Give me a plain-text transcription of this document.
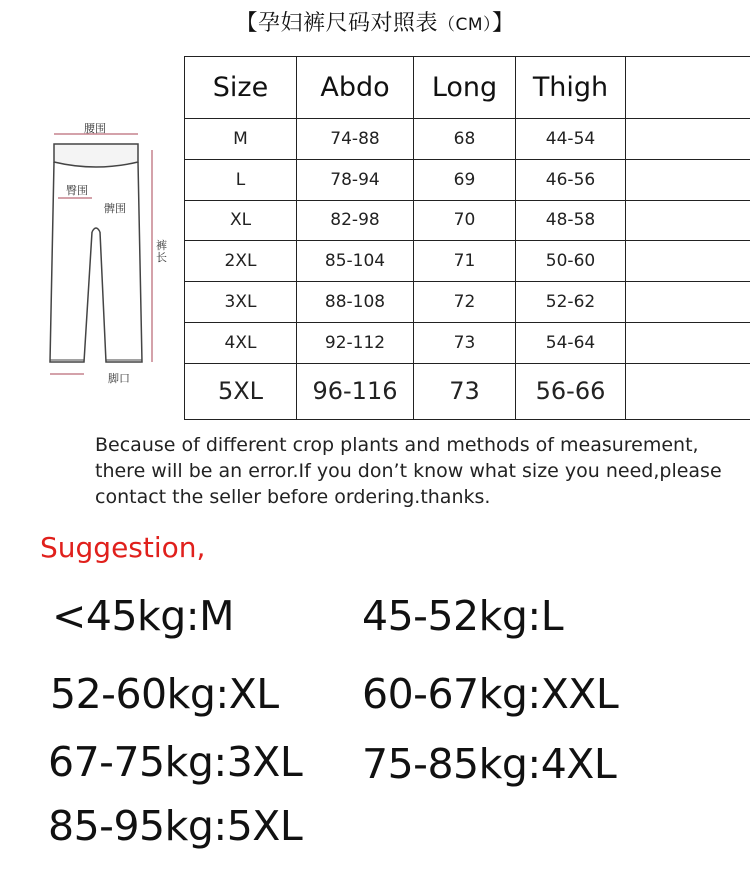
【孕妇裤尺码对照表（CM）】
腰围
臀围
髀围
裤长
脚口
Size	Abdo	Long	Thigh	
M	74-88	68	44-54	
L	78-94	69	46-56	
XL	82-98	70	48-58	
2XL	85-104	71	50-60	
3XL	88-108	72	52-62	
4XL	92-112	73	54-64	
5XL	96-116	73	56-66	
Because of different crop plants and methods of measurement, there will be an error.If you don’t know what size you need,please contact the seller before ordering.thanks.
Suggestion,
<45kg:M	45-52kg:L
52-60kg:XL 60-67kg:XXL
67-75kg:3XL 75-85kg:4XL
85-95kg:5XL
